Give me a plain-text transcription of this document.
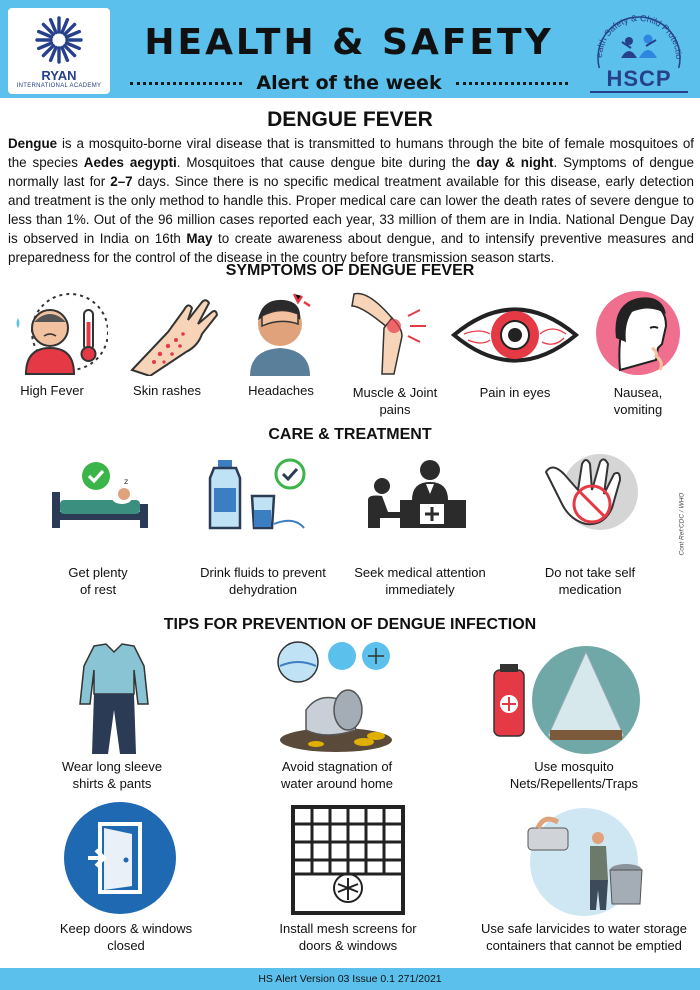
RYAN
INTERNATIONAL ACADEMY
HEALTH & SAFETY
Alert of the week
ealth Safety & Child Protectio
HSCP
DENGUE FEVER

Dengue is a mosquito-borne viral disease that is transmitted to humans through the bite of female mosquitoes of the species Aedes aegypti. Mosquitoes that cause dengue bite during the day & night. Symptoms of dengue normally last for 2–7 days. Since there is no specific medical treatment available for this disease, early detection and treatment is the only method to handle this. Proper medical care can lower the death rates of severe dengue to less than 1%. Out of the 96 million cases reported each year, 33 million of them are in India. National Dengue Day is observed in India on 16th May to create awareness about dengue, and to intensify preventive measures and preparedness for the control of the disease in the country before transmission season starts.

SYMPTOMS OF DENGUE FEVER
High Fever	Skin rashes	Headaches	Muscle & Joint
pains
Pain in eyes	Nausea,
vomiting
CARE & TREATMENT
z
Get plenty
of rest
Drink fluids to prevent
dehydration
Seek medical attention
immediately
Do not take self
medication
Cont Ref:CDC / WHO
TIPS FOR PREVENTION OF DENGUE INFECTION
Wear long sleeve
shirts & pants
Avoid stagnation of
water around home
Use mosquito
Nets/Repellents/Traps
Keep doors & windows
closed
Install mesh screens for
doors & windows
Use safe larvicides to water storage
containers that cannot be emptied
HS Alert Version 03 Issue 0.1 271/2021
